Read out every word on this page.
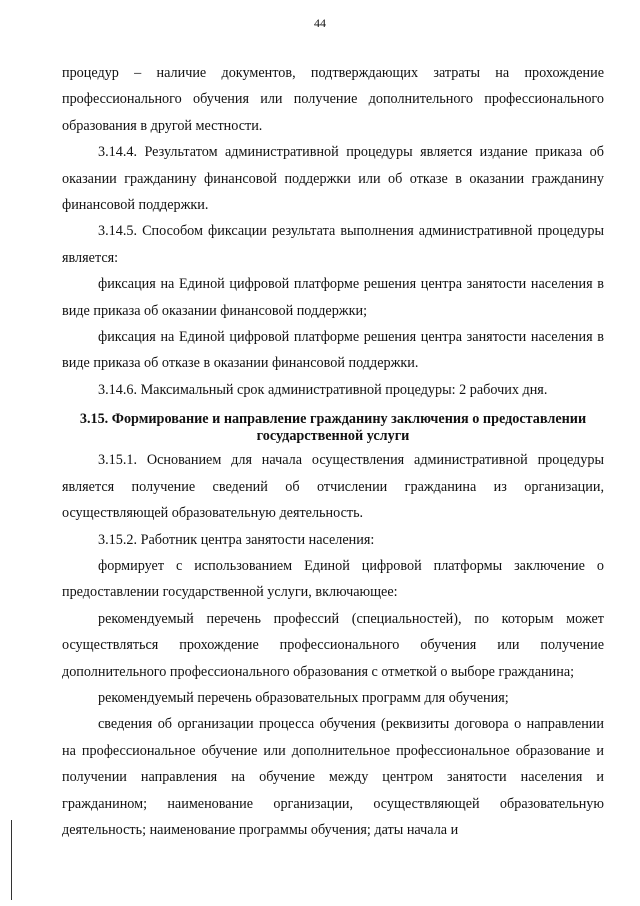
44

процедур – наличие документов, подтверждающих затраты на прохождение профессионального обучения или получение дополнительного профессионального образования в другой местности.

3.14.4. Результатом административной процедуры является издание приказа об оказании гражданину финансовой поддержки или об отказе в оказании гражданину финансовой поддержки.

3.14.5. Способом фиксации результата выполнения административной процедуры является:

фиксация на Единой цифровой платформе решения центра занятости населения в виде приказа об оказании финансовой поддержки;

фиксация на Единой цифровой платформе решения центра занятости населения в виде приказа об отказе в оказании финансовой поддержки.

3.14.6. Максимальный срок административной процедуры: 2 рабочих дня.

3.15. Формирование и направление гражданину заключения о предоставлении государственной услуги

3.15.1. Основанием для начала осуществления административной процедуры является получение сведений об отчислении гражданина из организации, осуществляющей образовательную деятельность.

3.15.2. Работник центра занятости населения:

формирует с использованием Единой цифровой платформы заключение о предоставлении государственной услуги, включающее:

рекомендуемый перечень профессий (специальностей), по которым может осуществляться прохождение профессионального обучения или получение дополнительного профессионального образования с отметкой о выборе гражданина;

рекомендуемый перечень образовательных программ для обучения;

сведения об организации процесса обучения (реквизиты договора о направлении на профессиональное обучение или дополнительное профессиональное образование и получении направления на обучение между центром занятости населения и гражданином; наименование организации, осуществляющей образовательную деятельность; наименование программы обучения; даты начала и
